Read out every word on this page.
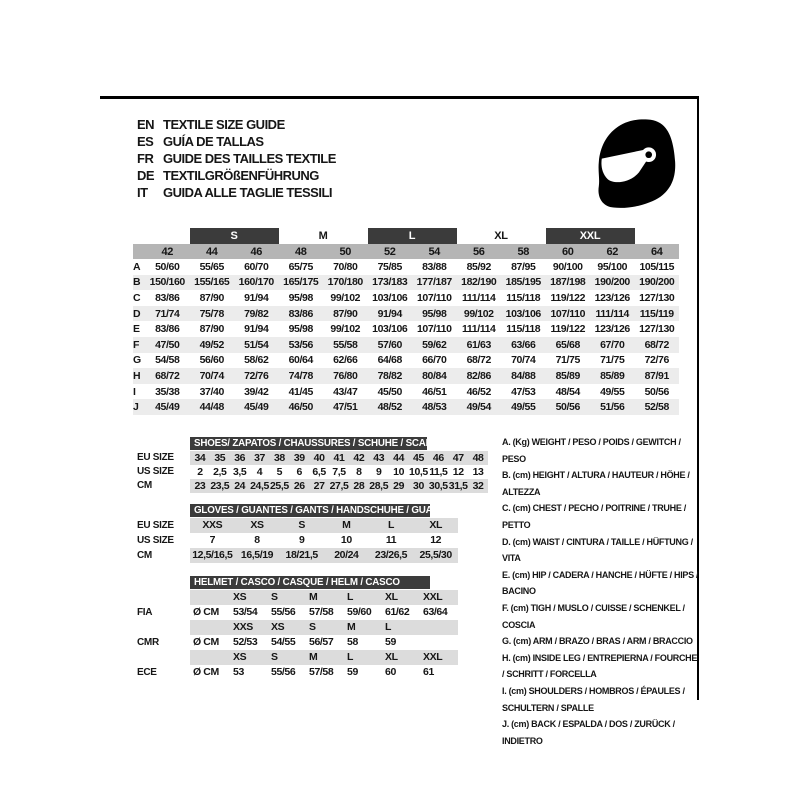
EN TEXTILE SIZE GUIDE
ES GUÍA DE TALLAS
FR GUIDE DES TAILLES TEXTILE
DE TEXTILGRÖßENFÜHRUNG
IT	GUIDA ALLE TAGLIE TESSILI
S	M	L	XL	XXL
42	44	46	48	50	52	54	56	58	60	62	64
A	50/60	55/65	60/70	65/75	70/80	75/85	83/88	85/92	87/95	90/100	95/100	105/115
B 150/160 155/165 160/170 165/175 170/180 173/183 177/187 182/190 185/195 187/198 190/200 190/200
C	83/86	87/90	91/94	95/98	99/102	103/106 107/110	111/114	115/118 119/122 123/126 127/130
D	71/74	75/78	79/82	83/86	87/90	91/94	95/98	99/102	103/106 107/110	111/114	115/119
E	83/86	87/90	91/94	95/98	99/102	103/106 107/110	111/114	115/118 119/122 123/126 127/130
F	47/50	49/52	51/54	53/56	55/58	57/60	59/62	61/63	63/66	65/68	67/70	68/72
G	54/58	56/60	58/62	60/64	62/66	64/68	66/70	68/72	70/74	71/75	71/75	72/76
H	68/72	70/74	72/76	74/78	76/80	78/82	80/84	82/86	84/88	85/89	85/89	87/91
I	35/38	37/40	39/42	41/45	43/47	45/50	46/51	46/52	47/53	48/54	49/55	50/56
J	45/49	44/48	45/49	46/50	47/51	48/52	48/53	49/54	49/55	50/56	51/56	52/58
SHOES/ ZAPATOS / CHAUSSURES / SCHUHE / SCARPE
EU SIZE	34 35 36 37 38 39 40 41 42 43 44 45 46 47 48
US SIZE	2 2,5 3,5 4	5	6 6,5 7,5 8	9	10 10,5 11,5 12 13
CM	23 23,5 24 24,5 25,5 26 27 27,5 28 28,5 29 30 30,5 31,5 32
GLOVES / GUANTES / GANTS / HANDSCHUHE / GUANTI
EU SIZE	XXS	XS	S	M	L	XL
US SIZE	7	8	9	10	11	12
CM	12,5/16,5 16,5/19	18/21,5	20/24	23/26,5	25,5/30
HELMET / CASCO / CASQUE / HELM / CASCO
XS	S	M	L	XL	XXL
FIA	Ø CM	53/54	55/56	57/58	59/60	61/62	63/64
XXS	XS	S	M	L
CMR	Ø CM	52/53	54/55	56/57	58	59
XS	S	M	L	XL	XXL
ECE	Ø CM	53	55/56	57/58	59	60	61
A. (Kg) WEIGHT / PESO / POIDS / GEWITCH / PESO
B. (cm) HEIGHT / ALTURA / HAUTEUR / HÖHE / ALTEZZA
C. (cm) CHEST / PECHO / POITRINE / TRUHE / PETTO
D. (cm) WAIST / CINTURA / TAILLE / HÜFTUNG / VITA
E. (cm) HIP / CADERA / HANCHE / HÜFTE / HIPS / BACINO
F. (cm) TIGH / MUSLO / CUISSE / SCHENKEL / COSCIA
G. (cm) ARM / BRAZO / BRAS / ARM / BRACCIO
H. (cm) INSIDE LEG / ENTREPIERNA / FOURCHE / SCHRITT / FORCELLA
I. (cm) SHOULDERS / HOMBROS / ÉPAULES / SCHULTERN / SPALLE
J. (cm) BACK / ESPALDA / DOS / ZURÜCK / INDIETRO
